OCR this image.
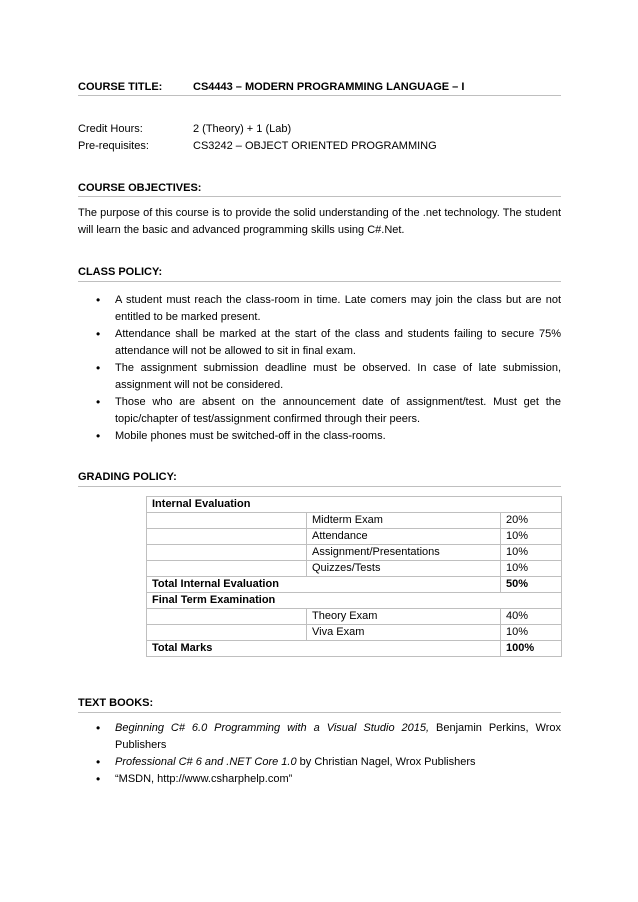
COURSE TITLE:	CS4443 – MODERN PROGRAMMING LANGUAGE – I
Credit Hours:	2 (Theory) + 1 (Lab)
Pre-requisites:	CS3242 – OBJECT ORIENTED PROGRAMMING
COURSE OBJECTIVES:
The purpose of this course is to provide the solid understanding of the .net technology. The student will learn the basic and advanced programming skills using C#.Net.
CLASS POLICY:
•
A student must reach the class-room in time. Late comers may join the class but are not entitled to be marked present.
•
Attendance shall be marked at the start of the class and students failing to secure 75% attendance will not be allowed to sit in final exam.
•
The assignment submission deadline must be observed. In case of late submission, assignment will not be considered.
•
Those who are absent on the announcement date of assignment/test. Must get the topic/chapter of test/assignment confirmed through their peers.
•
Mobile phones must be switched-off in the class-rooms.
GRADING POLICY:
Internal Evaluation		
	Midterm Exam	20%
	Attendance	10%
	Assignment/Presentations	10%
	Quizzes/Tests	10%
Total Internal Evaluation		50%
Final Term Examination		
	Theory Exam	40%
	Viva Exam	10%
Total Marks		100%
TEXT BOOKS:
•
Beginning C# 6.0 Programming with a Visual Studio 2015, Benjamin Perkins, Wrox Publishers
•
Professional C# 6 and .NET Core 1.0 by Christian Nagel, Wrox Publishers
•
“MSDN, http://www.csharphelp.com”
